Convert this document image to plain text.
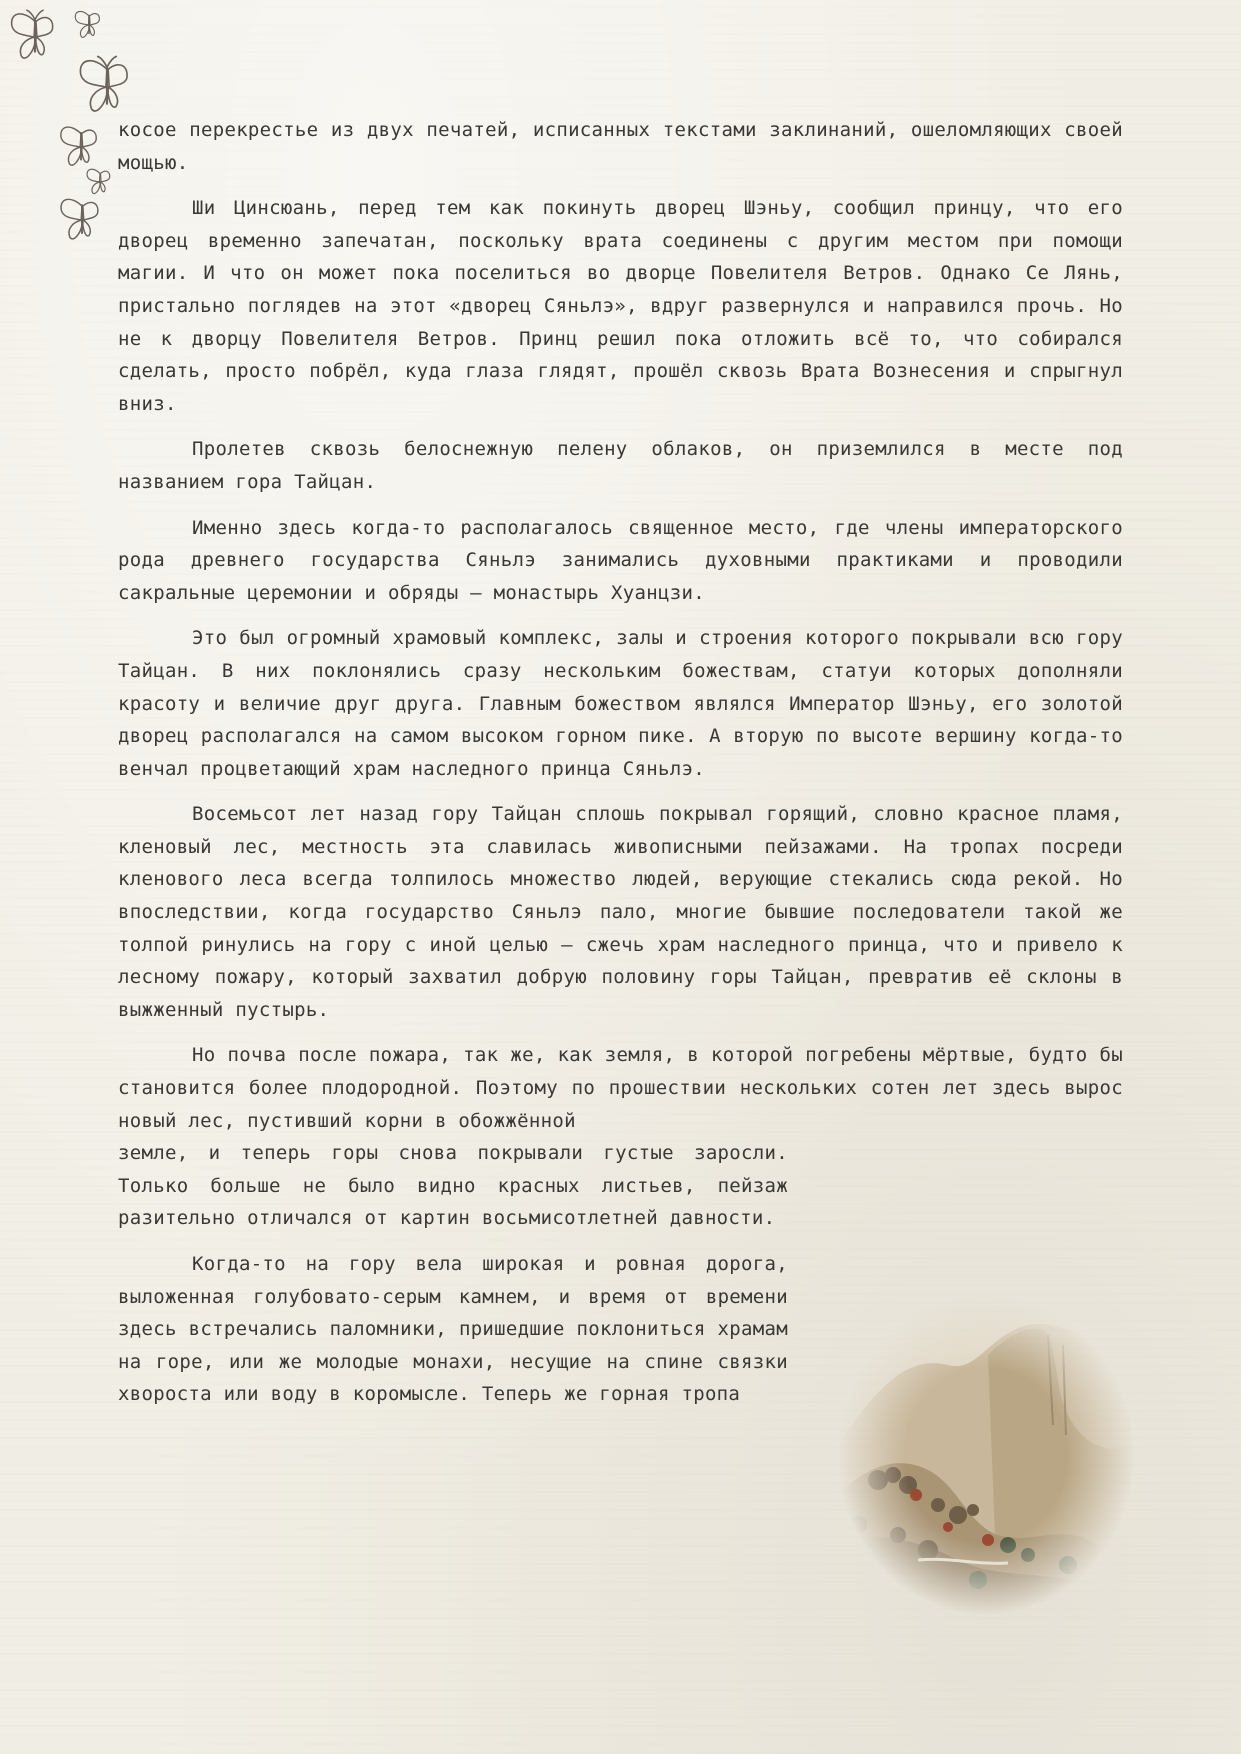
косое перекрестье из двух печатей, исписанных текстами заклинаний, ошеломляющих своей мощью.

Ши Цинсюань, перед тем как покинуть дворец Шэньу, сообщил принцу, что его дворец временно запечатан, поскольку врата соединены с другим местом при помощи магии. И что он может пока поселиться во дворце Повелителя Ветров. Однако Се Лянь, пристально поглядев на этот «дворец Сяньлэ», вдруг развернулся и направился прочь. Но не к дворцу Повелителя Ветров. Принц решил пока отложить всё то, что собирался сделать, просто побрёл, куда глаза глядят, прошёл сквозь Врата Вознесения и спрыгнул вниз.

Пролетев сквозь белоснежную пелену облаков, он приземлился в месте под названием гора Тайцан.

Именно здесь когда-то располагалось священное место, где члены императорского рода древнего государства Сяньлэ занимались духовными практиками и проводили сакральные церемонии и обряды — монастырь Хуанцзи.

Это был огромный храмовый комплекс, залы и строения которого покрывали всю гору Тайцан. В них поклонялись сразу нескольким божествам, статуи которых дополняли красоту и величие друг друга. Главным божеством являлся Император Шэньу, его золотой дворец располагался на самом высоком горном пике. А вторую по высоте вершину когда-то венчал процветающий храм наследного принца Сяньлэ.

Восемьсот лет назад гору Тайцан сплошь покрывал горящий, словно красное пламя, кленовый лес, местность эта славилась живописными пейзажами. На тропах посреди кленового леса всегда толпилось множество людей, верующие стекались сюда рекой. Но впоследствии, когда государство Сяньлэ пало, многие бывшие последователи такой же толпой ринулись на гору с иной целью — сжечь храм наследного принца, что и привело к лесному пожару, который захватил добрую половину горы Тайцан, превратив её склоны в выжженный пустырь.

Но почва после пожара, так же, как земля, в которой погребены мёртвые, будто бы становится более плодородной. Поэтому по прошествии нескольких сотен лет здесь вырос новый лес, пустивший корни в обожжённой

земле, и теперь горы снова покрывали густые заросли. Только больше не было видно красных листьев, пейзаж разительно отличался от картин восьмисотлетней давности.

Когда-то на гору вела широкая и ровная дорога, выложенная голубовато-серым камнем, и время от времени здесь встречались паломники, пришедшие поклониться храмам на горе, или же молодые монахи, несущие на спине связки хвороста или воду в коромысле. Теперь же горная тропа
